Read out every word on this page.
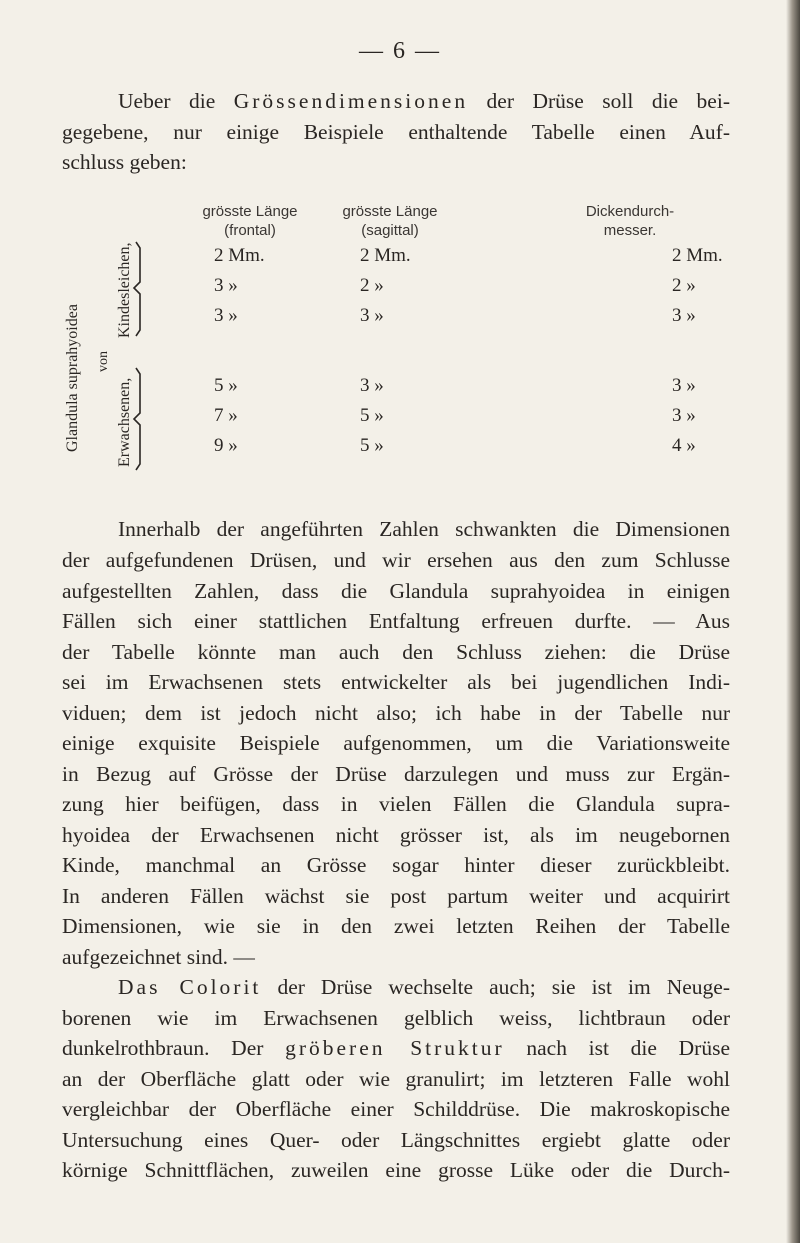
— 6 —

Ueber die Grössendimensionen der Drüse soll die bei-

gegebene, nur einige Beispiele enthaltende Tabelle einen Auf-

schluss geben:

grösste Länge
(frontal)
grösste Länge
(sagittal)
Dickendurch-
messer.
Glandula suprahyoidea von
Kindesleichen,
Erwachsenen,
2 Mm.	2 Mm.	2 Mm.
3 »	2 »	2 »
3 »	3 »	3 »
5 »	3 »	3 »
7 »	5 »	3 »
9 »	5 »	4 »

Innerhalb der angeführten Zahlen schwankten die Dimensionen

der aufgefundenen Drüsen, und wir ersehen aus den zum Schlusse

aufgestellten Zahlen, dass die Glandula suprahyoidea in einigen

Fällen sich einer stattlichen Entfaltung erfreuen durfte. — Aus

der Tabelle könnte man auch den Schluss ziehen: die Drüse

sei im Erwachsenen stets entwickelter als bei jugendlichen Indi-

viduen; dem ist jedoch nicht also; ich habe in der Tabelle nur

einige exquisite Beispiele aufgenommen, um die Variationsweite

in Bezug auf Grösse der Drüse darzulegen und muss zur Ergän-

zung hier beifügen, dass in vielen Fällen die Glandula supra-

hyoidea der Erwachsenen nicht grösser ist, als im neugebornen

Kinde, manchmal an Grösse sogar hinter dieser zurückbleibt.

In anderen Fällen wächst sie post partum weiter und acquirirt

Dimensionen, wie sie in den zwei letzten Reihen der Tabelle

aufgezeichnet sind. —

Das Colorit der Drüse wechselte auch; sie ist im Neuge-

borenen wie im Erwachsenen gelblich weiss, lichtbraun oder

dunkelrothbraun. Der gröberen Struktur nach ist die Drüse

an der Oberfläche glatt oder wie granulirt; im letzteren Falle wohl

vergleichbar der Oberfläche einer Schilddrüse. Die makroskopische

Untersuchung eines Quer- oder Längschnittes ergiebt glatte oder

körnige Schnittflächen, zuweilen eine grosse Lüke oder die Durch-
